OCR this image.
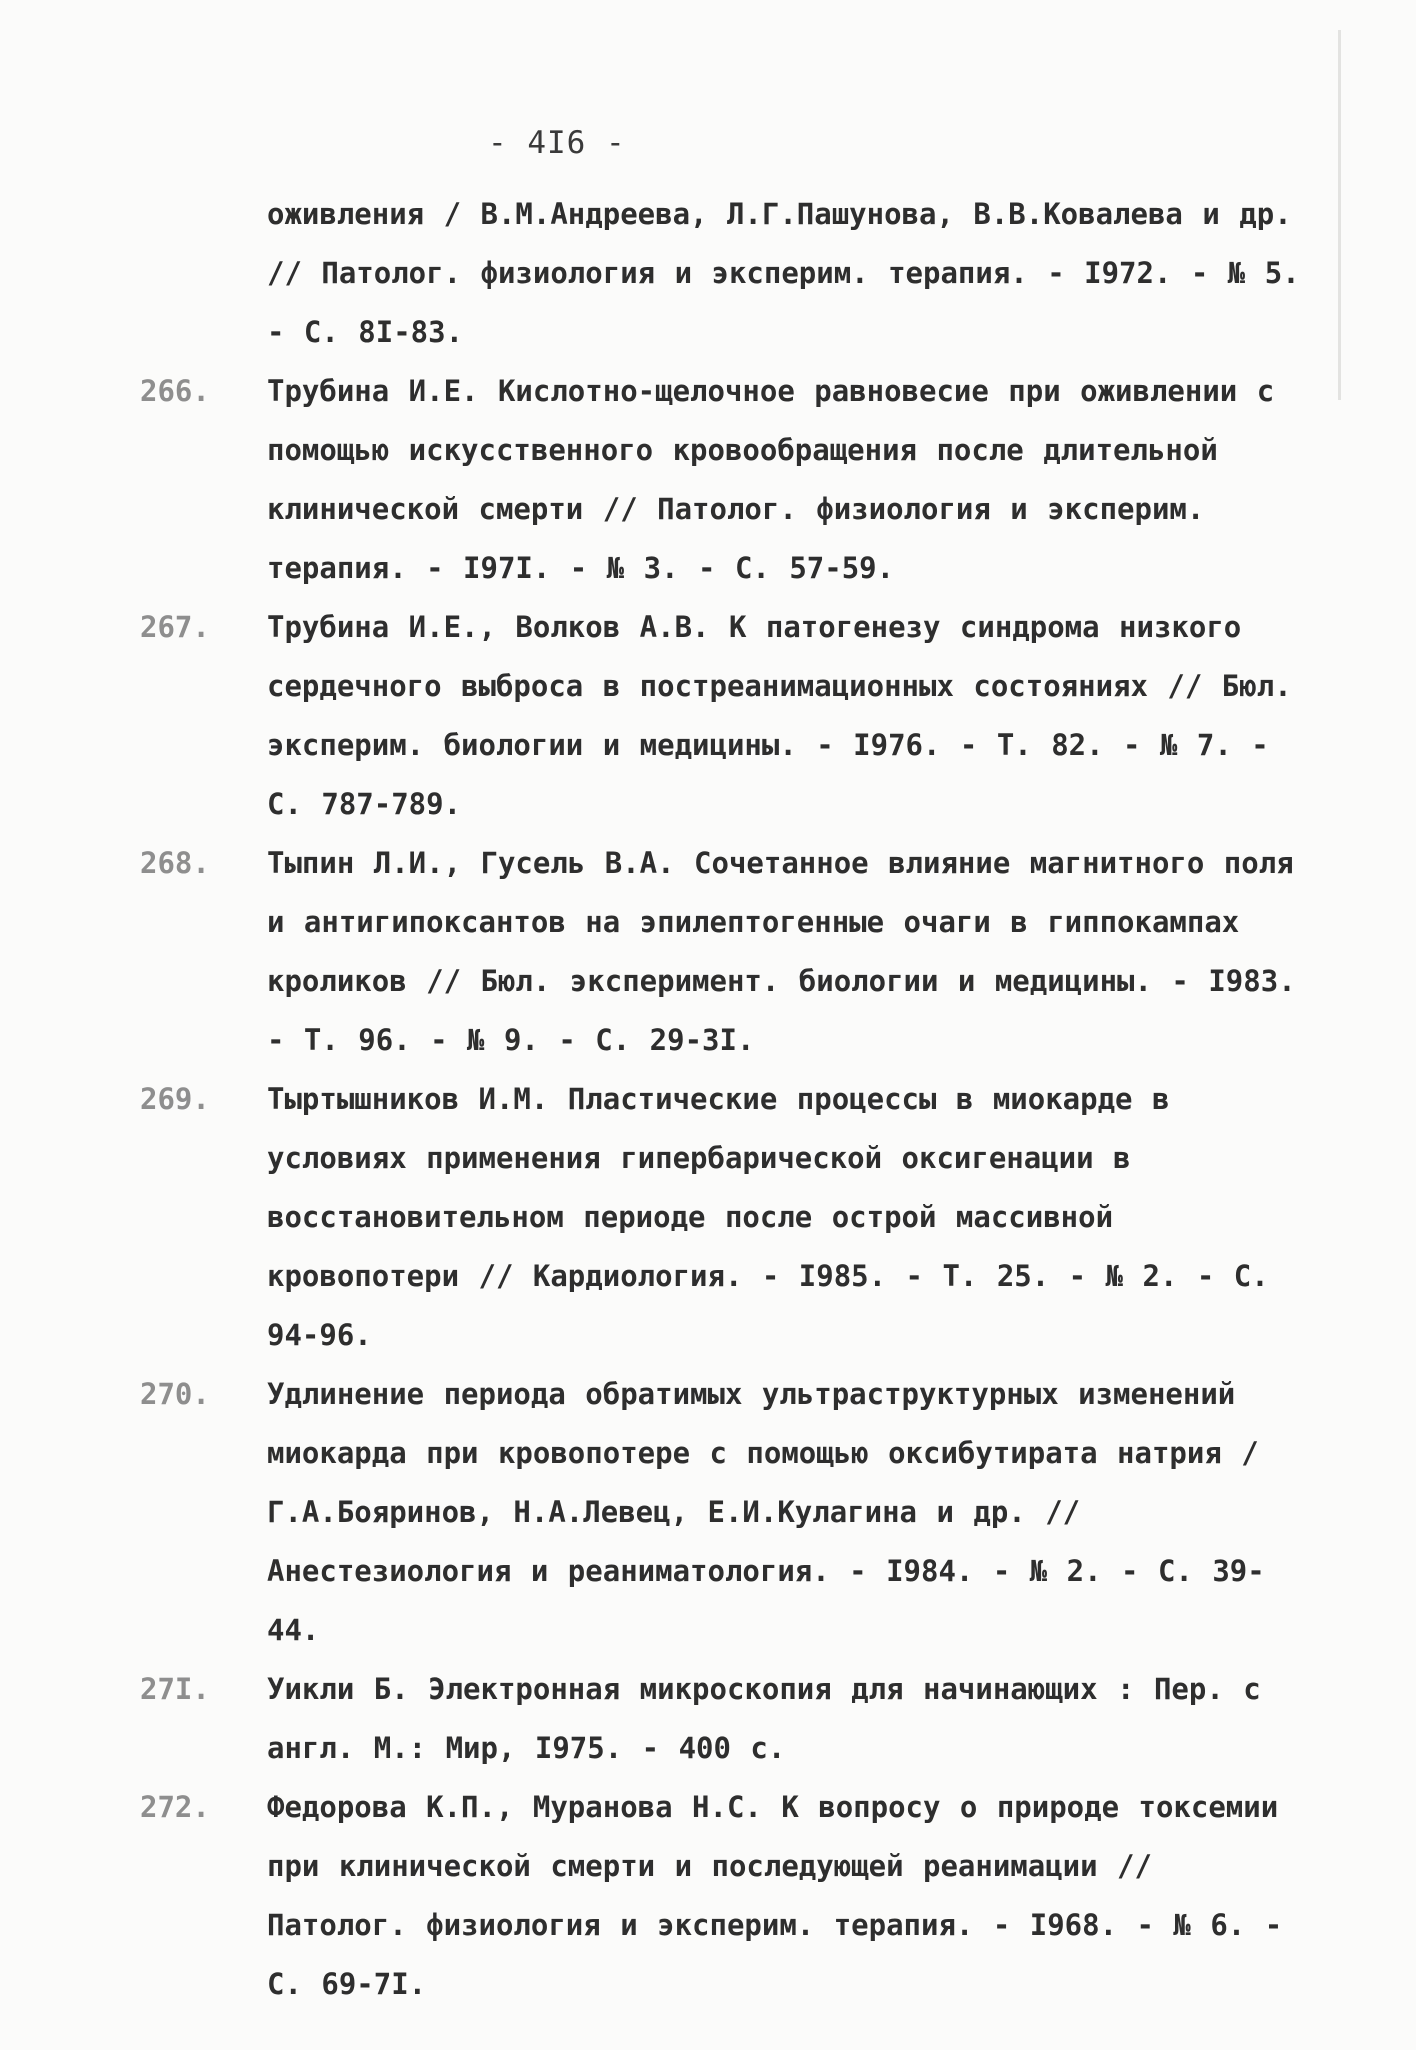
- 4I6 -
оживления / В.М.Андреева, Л.Г.Пашунова, В.В.Ковалева и др. // Патолог. физиология и эксперим. терапия. - I972. - № 5. - С. 8I-83.
266. Трубина И.Е. Кислотно-щелочное равновесие при оживлении с помощью искусственного кровообращения после длительной клинической смерти // Патолог. физиология и эксперим. терапия. - I97I. - № 3. - С. 57-59.
267. Трубина И.Е., Волков А.В. К патогенезу синдрома низкого сердечного выброса в постреанимационных состояниях // Бюл. эксперим. биологии и медицины. - I976. - Т. 82. - № 7. - С. 787-789.
268. Тыпин Л.И., Гусель В.А. Сочетанное влияние магнитного поля и антигипоксантов на эпилептогенные очаги в гиппокампах кроликов // Бюл. эксперимент. биологии и медицины. - I983. - Т. 96. - № 9. - С. 29-3I.
269. Тыртышников И.М. Пластические процессы в миокарде в условиях применения гипербарической оксигенации в восстановительном периоде после острой массивной кровопотери // Кардиология. - I985. - Т. 25. - № 2. - С. 94-96.
270. Удлинение периода обратимых ультраструктурных изменений миокарда при кровопотере с помощью оксибутирата натрия / Г.А.Бояринов, Н.А.Левец, Е.И.Кулагина и др. // Анестезиология и реаниматология. - I984. - № 2. - С. 39-44.
27I. Уикли Б. Электронная микроскопия для начинающих : Пер. с англ. М.: Мир, I975. - 400 с.
272. Федорова К.П., Муранова Н.С. К вопросу о природе токсемии при клинической смерти и последующей реанимации // Патолог. физиология и эксперим. терапия. - I968. - № 6. - С. 69-7I.
